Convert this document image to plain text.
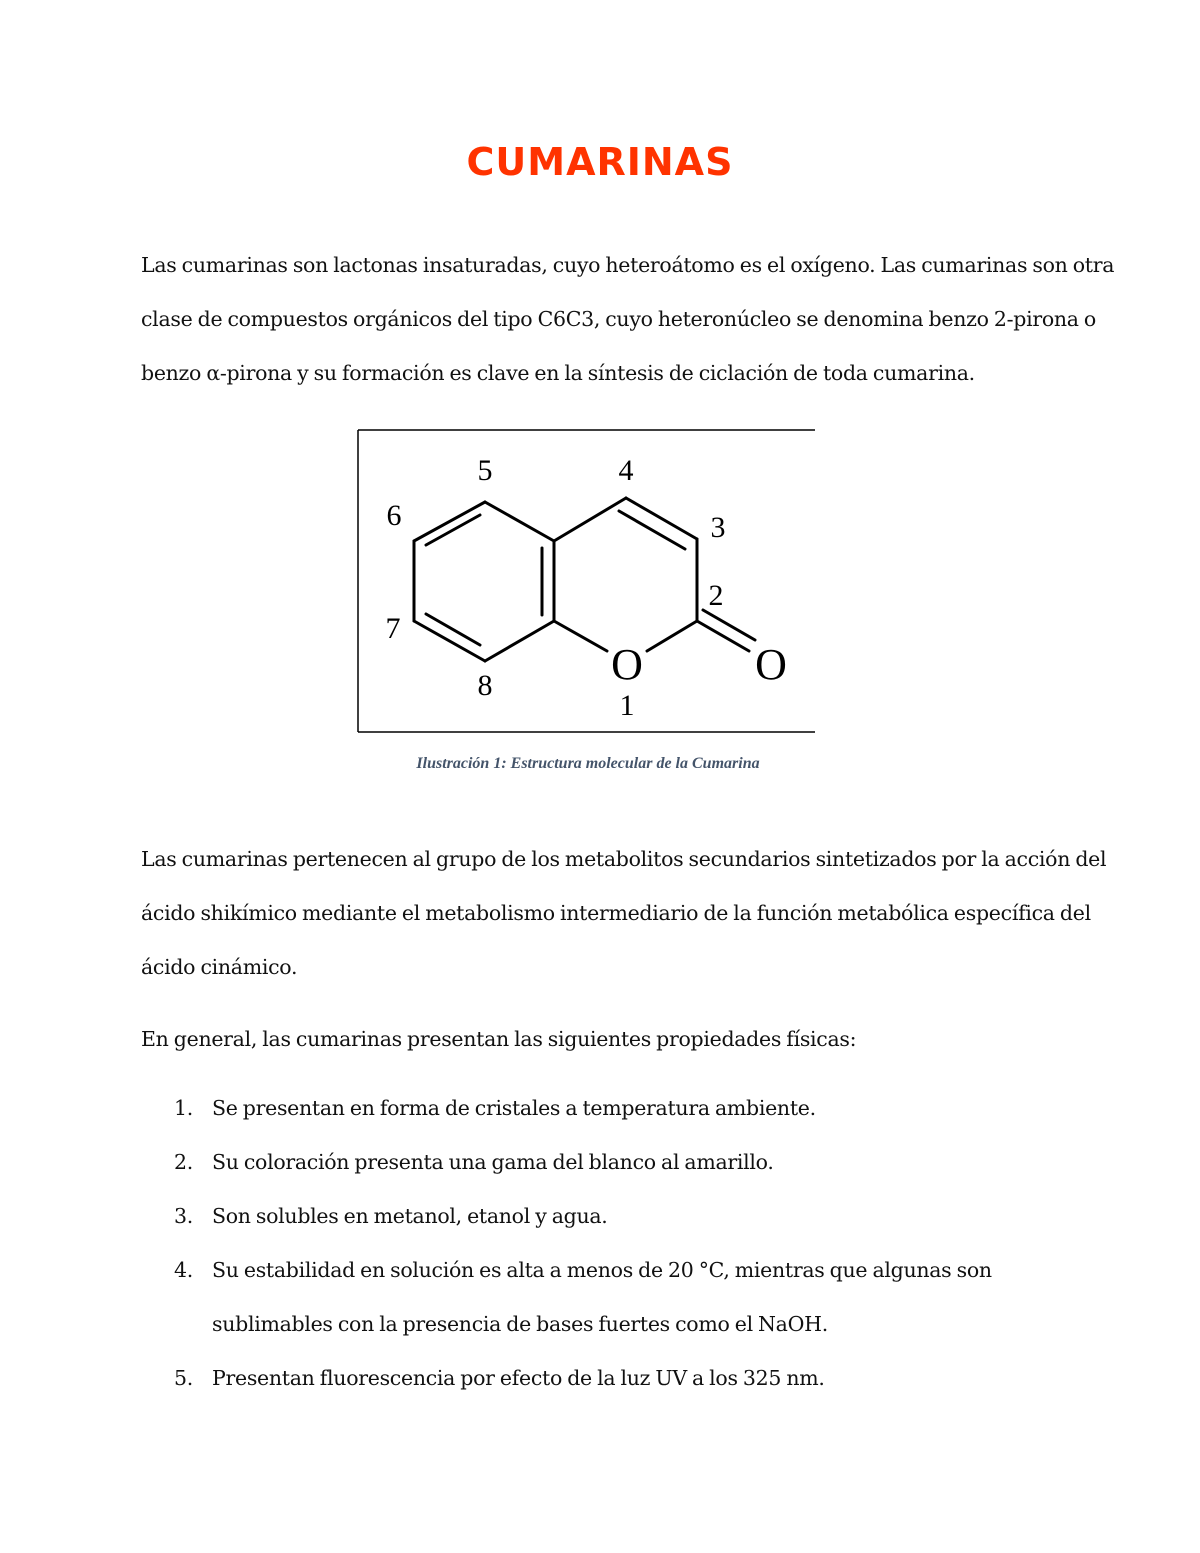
CUMARINAS

Las cumarinas son lactonas insaturadas, cuyo heteroátomo es el oxígeno. Las cumarinas son otra
clase de compuestos orgánicos del tipo C6C3, cuyo heteronúcleo se denomina benzo 2-pirona o
benzo α-pirona y su formación es clave en la síntesis de ciclación de toda cumarina.

5	4
6	3
2
7
8
1
O	O

Ilustración 1: Estructura molecular de la Cumarina

Las cumarinas pertenecen al grupo de los metabolitos secundarios sintetizados por la acción del
ácido shikímico mediante el metabolismo intermediario de la función metabólica específica del
ácido cinámico.

En general, las cumarinas presentan las siguientes propiedades físicas:

1. Se presentan en forma de cristales a temperatura ambiente.
2. Su coloración presenta una gama del blanco al amarillo.
3. Son solubles en metanol, etanol y agua.
4. Su estabilidad en solución es alta a menos de 20 °C, mientras que algunas son
sublimables con la presencia de bases fuertes como el NaOH.
5. Presentan fluorescencia por efecto de la luz UV a los 325 nm.
